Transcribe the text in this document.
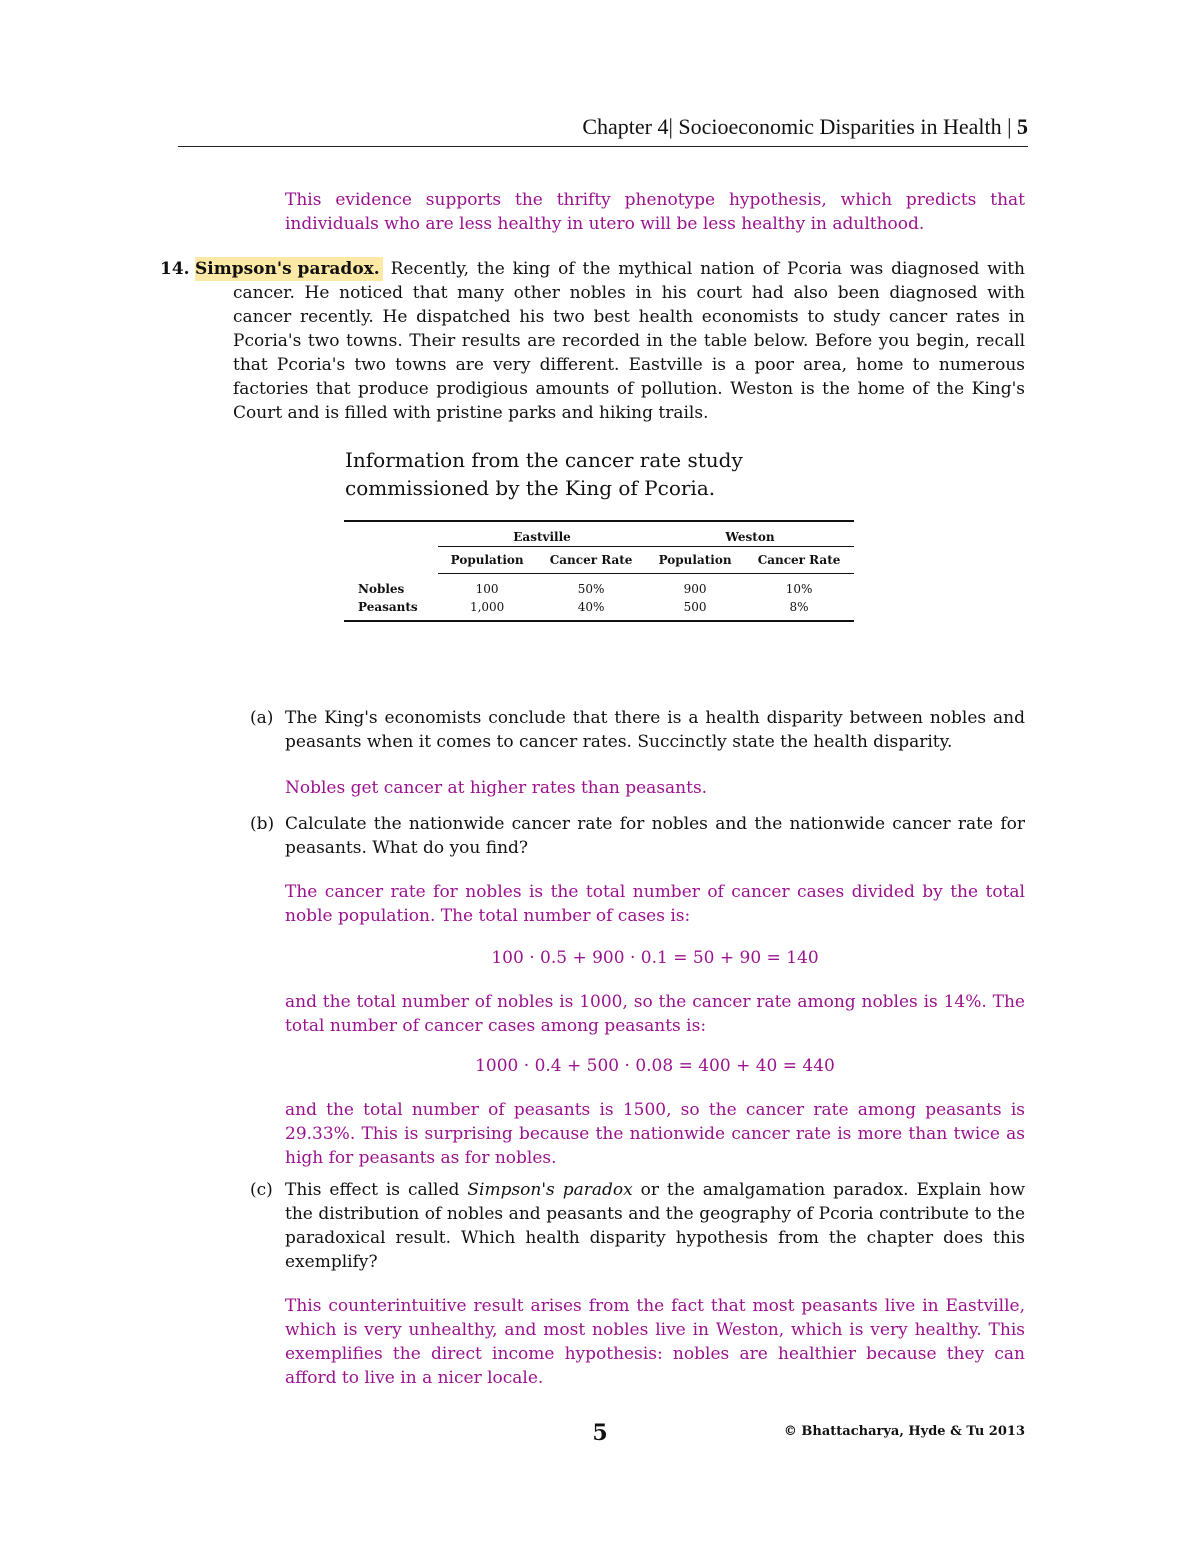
Chapter 4| Socioeconomic Disparities in Health | 5
This evidence supports the thrifty phenotype hypothesis, which predicts that individuals who are less healthy in utero will be less healthy in adulthood.
14. Simpson's paradox. Recently, the king of the mythical nation of Pcoria was diagnosed with cancer. He noticed that many other nobles in his court had also been diagnosed with cancer recently. He dispatched his two best health economists to study cancer rates in Pcoria's two towns. Their results are recorded in the table below. Before you begin, recall that Pcoria's two towns are very different. Eastville is a poor area, home to numerous factories that produce prodigious amounts of pollution. Weston is the home of the King's Court and is filled with pristine parks and hiking trails.
Information from the cancer rate study commissioned by the King of Pcoria.
	Eastville		Weston	
	Population	Cancer Rate	Population	Cancer Rate
Nobles	100	50%	900	10%
Peasants	1,000	40%	500	8%
(a) The King's economists conclude that there is a health disparity between nobles and peasants when it comes to cancer rates. Succinctly state the health disparity.
Nobles get cancer at higher rates than peasants.
(b) Calculate the nationwide cancer rate for nobles and the nationwide cancer rate for peasants. What do you find?
The cancer rate for nobles is the total number of cancer cases divided by the total noble population. The total number of cases is:
100 · 0.5 + 900 · 0.1 = 50 + 90 = 140
and the total number of nobles is 1000, so the cancer rate among nobles is 14%. The total number of cancer cases among peasants is:
1000 · 0.4 + 500 · 0.08 = 400 + 40 = 440
and the total number of peasants is 1500, so the cancer rate among peasants is 29.33%. This is surprising because the nationwide cancer rate is more than twice as high for peasants as for nobles.
(c) This effect is called Simpson's paradox or the amalgamation paradox. Explain how the distribution of nobles and peasants and the geography of Pcoria contribute to the paradoxical result. Which health disparity hypothesis from the chapter does this exemplify?
This counterintuitive result arises from the fact that most peasants live in Eastville, which is very unhealthy, and most nobles live in Weston, which is very healthy. This exemplifies the direct income hypothesis: nobles are healthier because they can afford to live in a nicer locale.
5	© Bhattacharya, Hyde & Tu 2013
